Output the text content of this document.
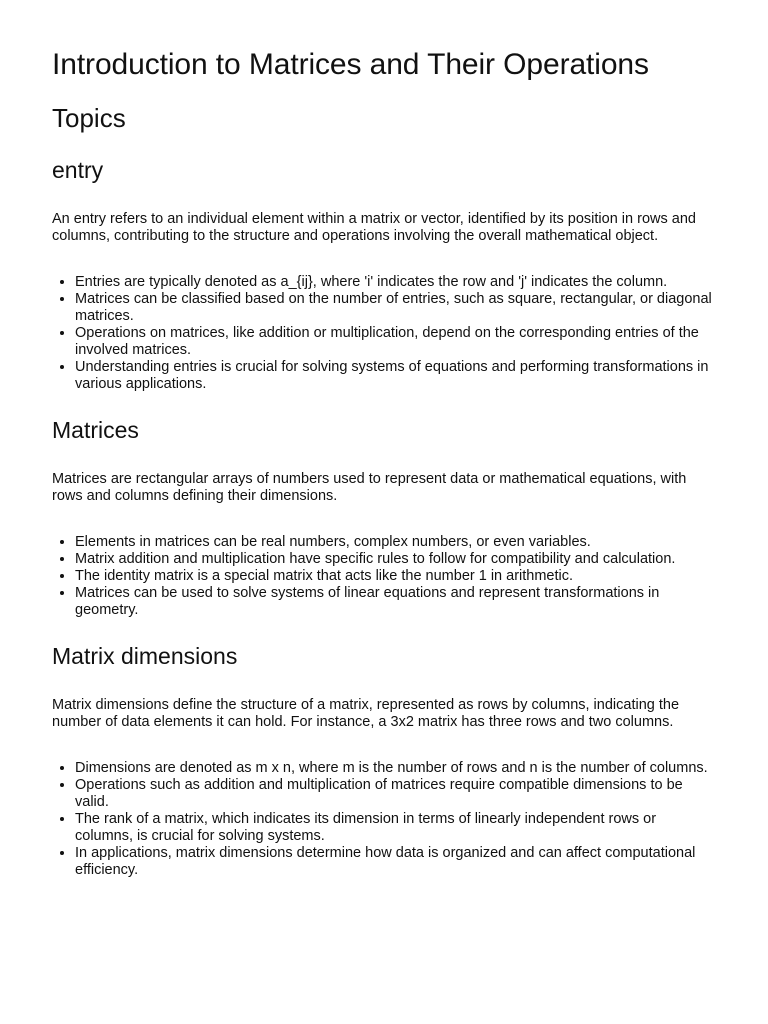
Introduction to Matrices and Their Operations
Topics
entry

An entry refers to an individual element within a matrix or vector, identified by its position in rows and columns, contributing to the structure and operations involving the overall mathematical object.

• Entries are typically denoted as a_{ij}, where 'i' indicates the row and 'j' indicates the column.
• Matrices can be classified based on the number of entries, such as square, rectangular, or diagonal matrices.
• Operations on matrices, like addition or multiplication, depend on the corresponding entries of the involved matrices.
• Understanding entries is crucial for solving systems of equations and performing transformations in various applications.
Matrices

Matrices are rectangular arrays of numbers used to represent data or mathematical equations, with rows and columns defining their dimensions.

• Elements in matrices can be real numbers, complex numbers, or even variables.
• Matrix addition and multiplication have specific rules to follow for compatibility and calculation.
• The identity matrix is a special matrix that acts like the number 1 in arithmetic.
• Matrices can be used to solve systems of linear equations and represent transformations in geometry.
Matrix dimensions

Matrix dimensions define the structure of a matrix, represented as rows by columns, indicating the number of data elements it can hold. For instance, a 3x2 matrix has three rows and two columns.

• Dimensions are denoted as m x n, where m is the number of rows and n is the number of columns.
• Operations such as addition and multiplication of matrices require compatible dimensions to be valid.
• The rank of a matrix, which indicates its dimension in terms of linearly independent rows or columns, is crucial for solving systems.
• In applications, matrix dimensions determine how data is organized and can affect computational efficiency.
